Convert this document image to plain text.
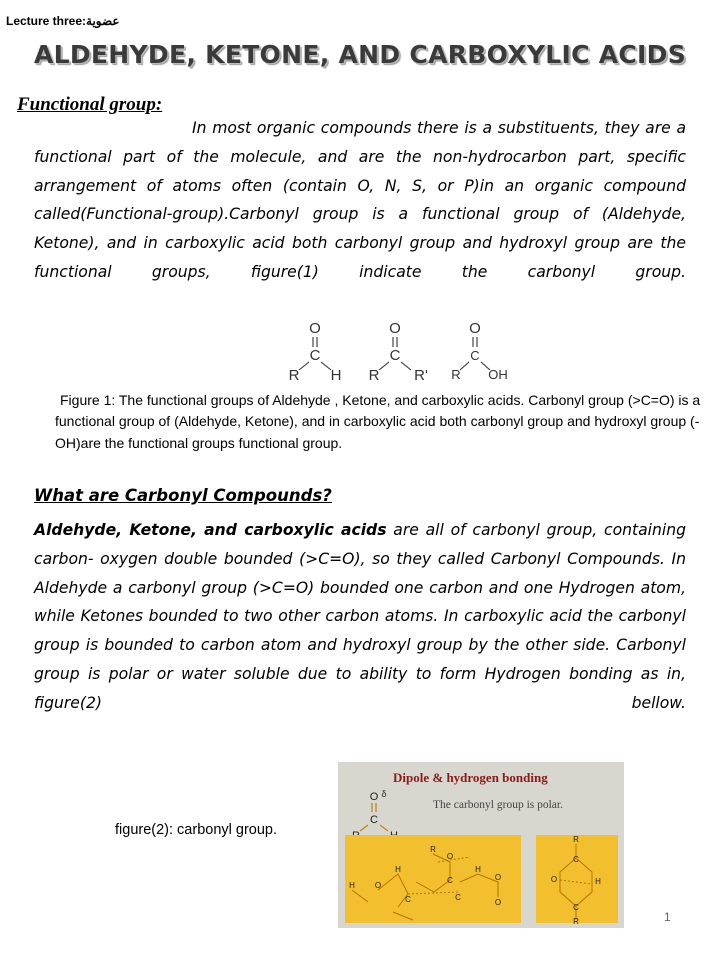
Lecture three:عضوية
ALDEHYDE, KETONE, AND CARBOXYLIC ACIDS
Functional group:
In most organic compounds there is a substituents, they are a functional part of the molecule, and are the non-hydrocarbon part, specific arrangement of atoms often (contain O, N, S, or P)in an organic compound called(Functional-group).Carbonyl group is a functional group of (Aldehyde, Ketone), and in carboxylic acid both carbonyl group and hydroxyl group are the functional groups, figure(1) indicate the carbonyl group.
O
C
R H
O
C
R R'
O
C
R OH
Figure 1: The functional groups of Aldehyde , Ketone, and carboxylic acids. Carbonyl group (>C=O) is a functional group of (Aldehyde, Ketone), and in carboxylic acid both carbonyl group and hydroxyl group (-OH)are the functional groups functional group.
What are Carbonyl Compounds?
Aldehyde, Ketone, and carboxylic acids are all of carbonyl group, containing carbon- oxygen double bounded (>C=O), so they called Carbonyl Compounds. In Aldehyde a carbonyl group (>C=O) bounded one carbon and one Hydrogen atom, while Ketones bounded to two other carbon atoms. In carboxylic acid the carbonyl group is bounded to carbon atom and hydroxyl group by the other side. Carbonyl group is polar or water soluble due to ability to form Hydrogen bonding as in, figure(2) bellow.
figure(2): carbonyl group.
Dipole & hydrogen bonding
The carbonyl group is polar.
δ
O
C
O
R
C
H
O
H
O
H
C	C
O
R
C
O	H
C
R	1
